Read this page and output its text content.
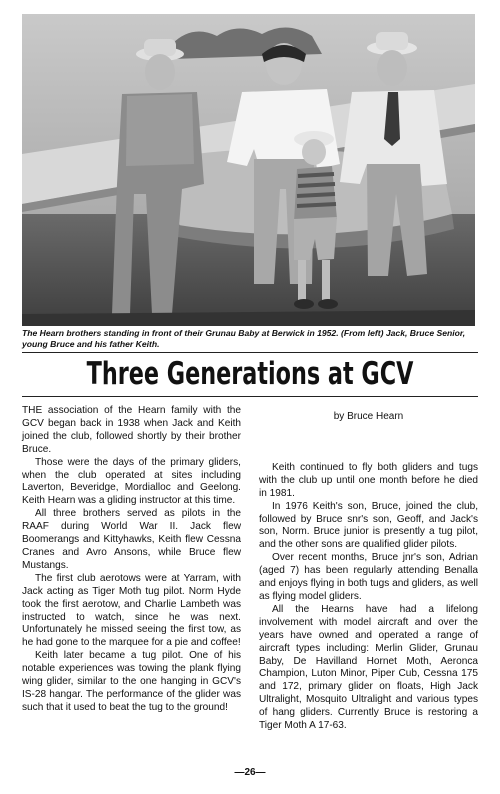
The Hearn brothers standing in front of their Grunau Baby at Berwick in 1952. (From left) Jack, Bruce Senior, young Bruce and his father Keith.
Three Generations at GCV

THE association of the Hearn family with the GCV began back in 1938 when Jack and Keith joined the club, followed shortly by their brother Bruce.

Those were the days of the primary gliders, when the club operated at sites including Laverton, Beveridge, Mordialloc and Geelong. Keith Hearn was a gliding instructor at this time.

All three brothers served as pilots in the RAAF during World War II. Jack flew Boomerangs and Kittyhawks, Keith flew Cessna Cranes and Avro Ansons, while Bruce flew Mustangs.

The first club aerotows were at Yarram, with Jack acting as Tiger Moth tug pilot. Norm Hyde took the first aerotow, and Charlie Lambeth was instructed to watch, since he was next. Unfortunately he missed seeing the first tow, as he had gone to the marquee for a pie and coffee!

Keith later became a tug pilot. One of his notable experiences was towing the plank flying wing glider, similar to the one hanging in GCV's IS-28 hangar. The performance of the glider was such that it used to beat the tug to the ground!

by Bruce Hearn

Keith continued to fly both gliders and tugs with the club up until one month before he died in 1981.

In 1976 Keith's son, Bruce, joined the club, followed by Bruce snr's son, Geoff, and Jack's son, Norm. Bruce junior is presently a tug pilot, and the other sons are qualified glider pilots.

Over recent months, Bruce jnr's son, Adrian (aged 7) has been regularly attending Benalla and enjoys flying in both tugs and gliders, as well as flying model gliders.

All the Hearns have had a lifelong involvement with model aircraft and over the years have owned and operated a range of aircraft types including: Merlin Glider, Grunau Baby, De Havilland Hornet Moth, Aeronca Champion, Luton Minor, Piper Cub, Cessna 175 and 172, primary glider on floats, High Jack Ultralight, Mosquito Ultralight and various types of hang gliders. Currently Bruce is restoring a Tiger Moth A 17-63.

—26—
